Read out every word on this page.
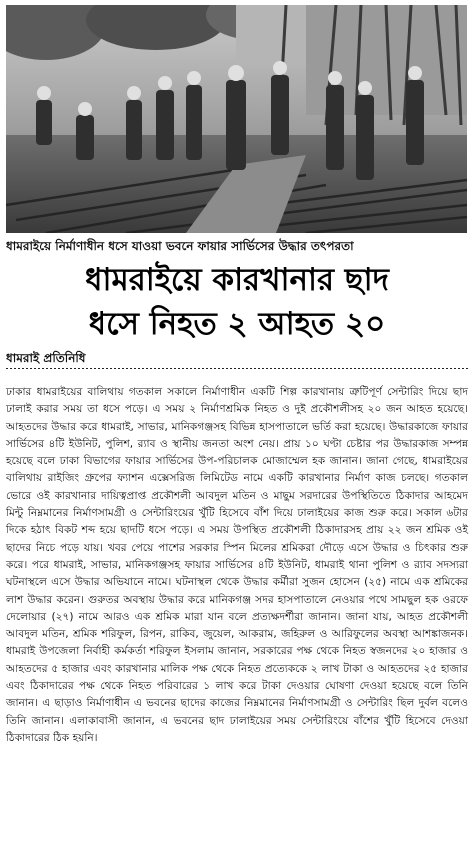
ধামরাইয়ে নির্মাণাধীন ধসে যাওয়া ভবনে ফায়ার সার্ভিসের উদ্ধার তৎপরতা
ধামরাইয়ে কারখানার ছাদ
ধসে নিহত ২ আহত ২০
ধামরাই প্রতিনিধি

ঢাকার ধামরাইয়ের বালিথায় গতকাল সকালে নির্মাণাধীন একটি শিল্প কারখানায় ত্রুটিপূর্ণ সেন্টারিং দিয়ে ছাদ ঢালাই করার সময় তা ধসে পড়ে। এ সময় ২ নির্মাণশ্রমিক নিহত ও দুই প্রকৌশলীসহ ২০ জন আহত হয়েছে। আহতদের উদ্ধার করে ধামরাই, সাভার, মানিকগঞ্জসহ বিভিন্ন হাসপাতালে ভর্তি করা হয়েছে। উদ্ধারকাজে ফায়ার সার্ভিসের ৪টি ইউনিট, পুলিশ, র‍্যাব ও স্থানীয় জনতা অংশ নেয়। প্রায় ১০ ঘণ্টা চেষ্টার পর উদ্ধারকাজ সম্পন্ন হয়েছে বলে ঢাকা বিভাগের ফায়ার সার্ভিসের উপ-পরিচালক মোজাম্মেল হক জানান। জানা গেছে, ধামরাইয়ের বালিথায় রাইজিং গ্রুপের ফ্যাশন এক্সেসরিজ লিমিটেড নামে একটি কারখানার নির্মাণ কাজ চলছে। গতকাল ভোরে ওই কারখানার দায়িত্বপ্রাপ্ত প্রকৌশলী আবদুল মতিন ও মাছুম সরদারের উপস্থিতিতে ঠিকাদার আহমেদ মিন্টু নিম্নমানের নির্মাণসামগ্রী ও সেন্টারিংয়ের খুঁটি হিসেবে বাঁশ দিয়ে ঢালাইয়ের কাজ শুরু করে। সকাল ৬টার দিকে হঠাৎ বিকট শব্দ হয়ে ছাদটি ধসে পড়ে। এ সময় উপস্থিত প্রকৌশলী ঠিকাদারসহ প্রায় ২২ জন শ্রমিক ওই ছাদের নিচে পড়ে যায়। খবর পেয়ে পাশের সরকার স্পিন মিলের শ্রমিকরা দৌড়ে এসে উদ্ধার ও চিৎকার শুরু করে। পরে ধামরাই, সাভার, মানিকগঞ্জসহ ফায়ার সার্ভিসের ৪টি ইউনিট, ধামরাই থানা পুলিশ ও র‍্যাব সদস্যরা ঘটনাস্থলে এসে উদ্ধার অভিযানে নামে। ঘটনাস্থল থেকে উদ্ধার কর্মীরা সুজন হোসেন (২৫) নামে এক শ্রমিকের লাশ উদ্ধার করেন। গুরুতর অবস্থায় উদ্ধার করে মানিকগঞ্জ সদর হাসপাতালে নেওয়ার পথে সামছুল হক ওরফে দেলোয়ার (২৭) নামে আরও এক শ্রমিক মারা যান বলে প্রত্যক্ষদর্শীরা জানান। জানা যায়, আহত প্রকৌশলী আবদুল মতিন, শ্রমিক শরিফুল, রিপন, রাকিব, জুয়েল, আকরাম, জহিরুল ও আরিফুলের অবস্থা আশঙ্কাজনক। ধামরাই উপজেলা নির্বাহী কর্মকর্তা শরিফুল ইসলাম জানান, সরকারের পক্ষ থেকে নিহত স্বজনদের ২০ হাজার ও আহতদের ৫ হাজার এবং কারখানার মালিক পক্ষ থেকে নিহত প্রত্যেককে ২ লাখ টাকা ও আহতদের ২৫ হাজার এবং ঠিকাদারের পক্ষ থেকে নিহত পরিবারের ১ লাখ করে টাকা দেওয়ার ঘোষণা দেওয়া হয়েছে বলে তিনি জানান। এ ছাড়াও নির্মাণাধীন এ ভবনের ছাদের কাজের নিম্নমানের নির্মাণসামগ্রী ও সেন্টারিং ছিল দুর্বল বলেও তিনি জানান। এলাকাবাসী জানান, এ ভবনের ছাদ ঢালাইয়ের সময় সেন্টারিংয়ে বাঁশের খুঁটি হিসেবে দেওয়া ঠিকাদারের ঠিক হয়নি।
